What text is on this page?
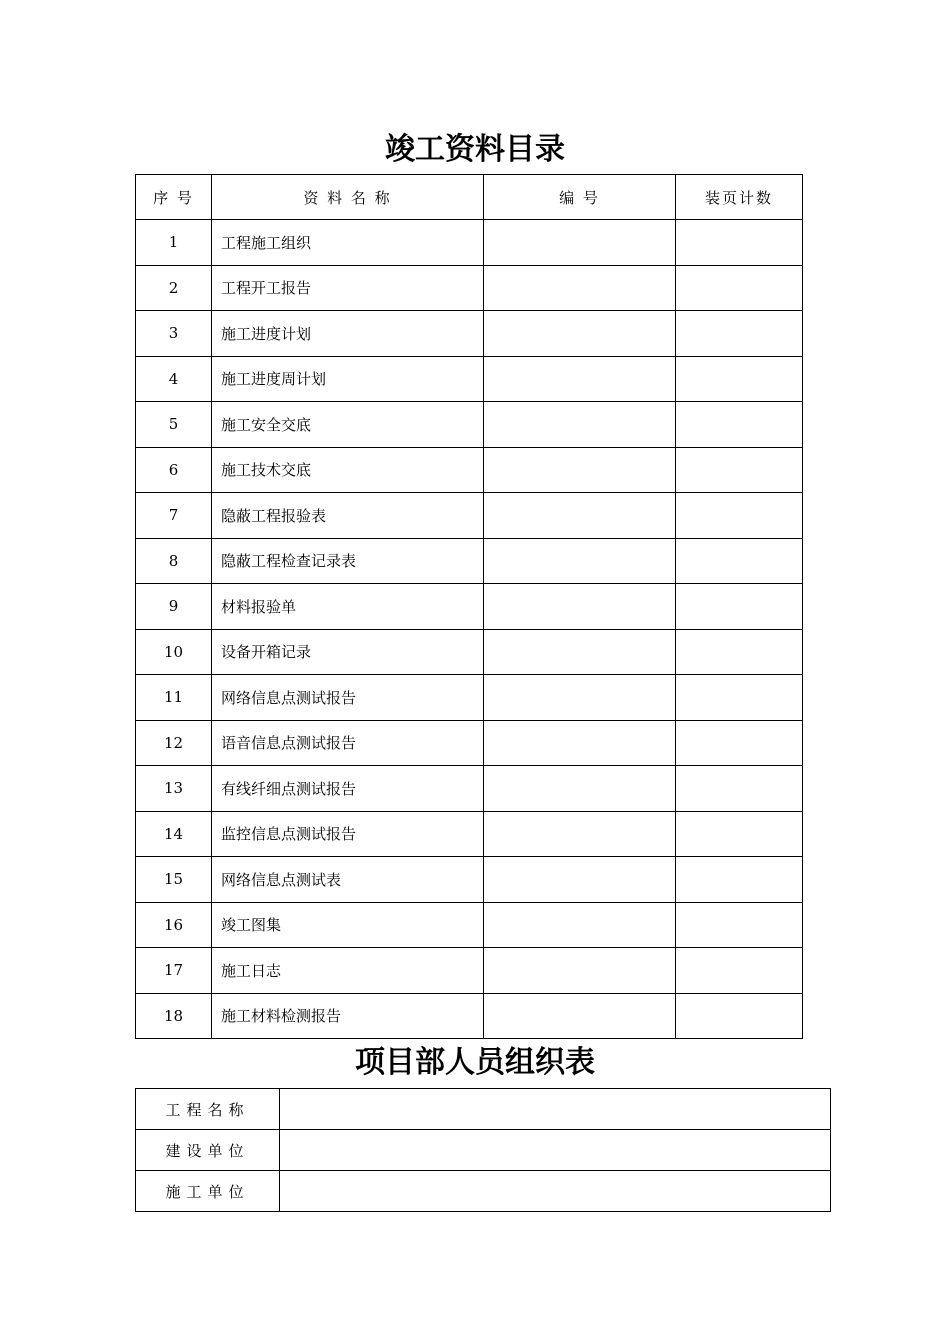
竣工资料目录
序 号	资 料 名 称	编 号	装页计数
1	工程施工组织		
2	工程开工报告		
3	施工进度计划		
4	施工进度周计划		
5	施工安全交底		
6	施工技术交底		
7	隐蔽工程报验表		
8	隐蔽工程检查记录表		
9	材料报验单		
10	设备开箱记录		
11	网络信息点测试报告		
12	语音信息点测试报告		
13	有线纤细点测试报告		
14	监控信息点测试报告		
15	网络信息点测试表		
16	竣工图集		
17	施工日志		
18	施工材料检测报告		
项目部人员组织表
工程名称	
建设单位	
施工单位	
